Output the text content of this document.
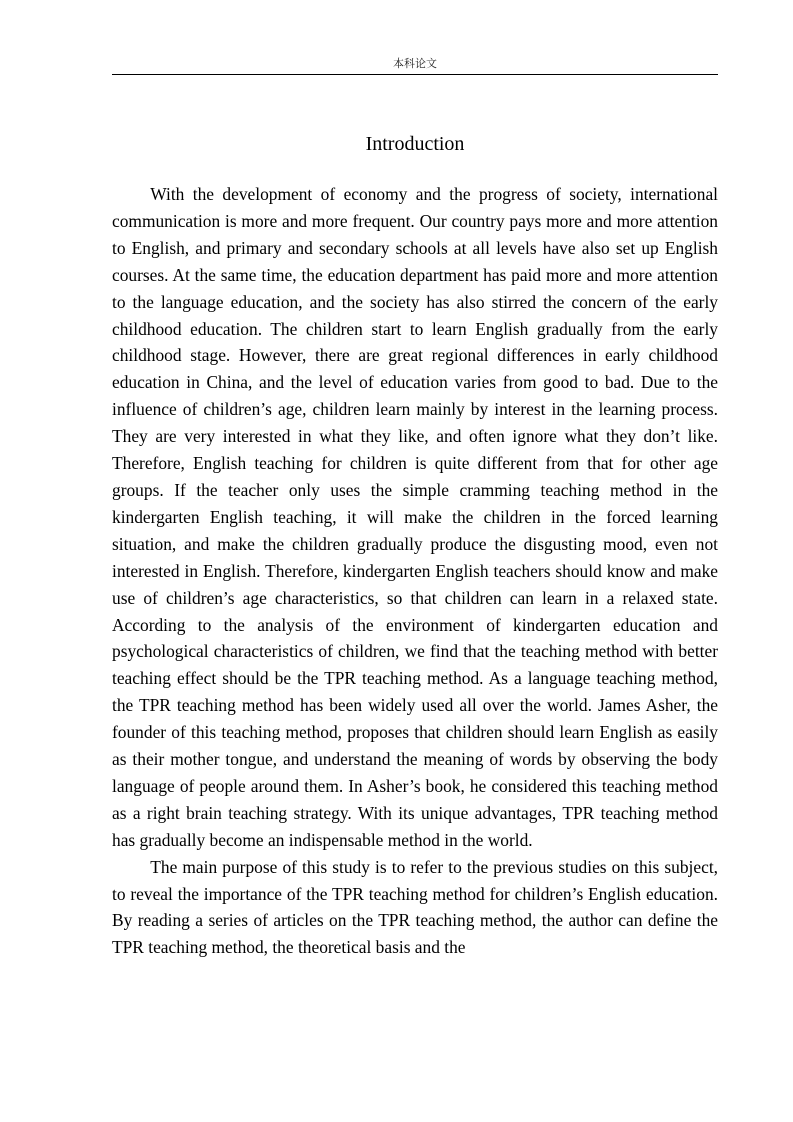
本科论文
Introduction

With the development of economy and the progress of society, international communication is more and more frequent. Our country pays more and more attention to English, and primary and secondary schools at all levels have also set up English courses. At the same time, the education department has paid more and more attention to the language education, and the society has also stirred the concern of the early childhood education. The children start to learn English gradually from the early childhood stage. However, there are great regional differences in early childhood education in China, and the level of education varies from good to bad. Due to the influence of children’s age, children learn mainly by interest in the learning process. They are very interested in what they like, and often ignore what they don’t like. Therefore, English teaching for children is quite different from that for other age groups. If the teacher only uses the simple cramming teaching method in the kindergarten English teaching, it will make the children in the forced learning situation, and make the children gradually produce the disgusting mood, even not interested in English. Therefore, kindergarten English teachers should know and make use of children’s age characteristics, so that children can learn in a relaxed state. According to the analysis of the environment of kindergarten education and psychological characteristics of children, we find that the teaching method with better teaching effect should be the TPR teaching method. As a language teaching method, the TPR teaching method has been widely used all over the world. James Asher, the founder of this teaching method, proposes that children should learn English as easily as their mother tongue, and understand the meaning of words by observing the body language of people around them. In Asher’s book, he considered this teaching method as a right brain teaching strategy. With its unique advantages, TPR teaching method has gradually become an indispensable method in the world.

The main purpose of this study is to refer to the previous studies on this subject, to reveal the importance of the TPR teaching method for children’s English education. By reading a series of articles on the TPR teaching method, the author can define the TPR teaching method, the theoretical basis and the
